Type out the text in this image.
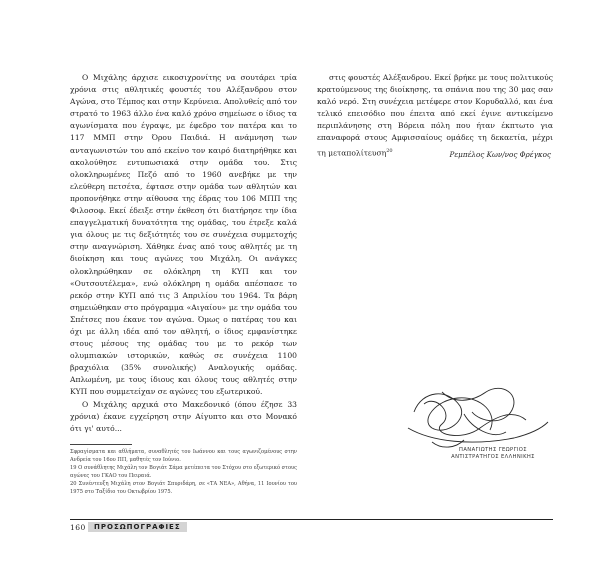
Ο Μιχάλης άρχισε εικοσιχρονίτης να σουτάρει τρία χρόνια στις αθλητικές φουστές του Αλέξανδρου στον Αγώνα, στο Τέμπος και στην Κερύνεια. Απολυθείς από τον στρατό το 1963 άλλο ένα καλό χρόνο σημείωσε ο ίδιος τα αγωνίσματα που έγραψε, με έφεδρο τον πατέρα και το 117 ΜΜΠ στην Όρου Παιδιά. Η ανάμνηση των ανταγωνιστών του από εκείνο τον καιρό διατηρήθηκε και ακολούθησε εντυπωσιακά στην ομάδα του. Στις ολοκληρωμένες Πεζό από το 1960 ανεβήκε με την ελεύθερη πετσέτα, έφτασε στην ομάδα των αθλητών και προπονήθηκε στην αίθουσα της έδρας του 106 ΜΠΠ της Φιλοσοφ. Εκεί έδειξε στην έκθεση ότι διατήρησε την ίδια επαγγελματική δυνατότητα της ομάδας, του έτρεξε καλά για όλους με τις δεξιότητές του σε συνέχεια συμμετοχής στην αναγνώριση. Χάθηκε ένας από τους αθλητές με τη διοίκηση και τους αγώνες του Μιχάλη. Οι ανάγκες ολοκληρώθηκαν σε ολόκληρη τη ΚΥΠ και τον «Ουτσουτέλεμα», ενώ ολόκληρη η ομάδα απέσπασε το ρεκόρ στην ΚΥΠ από τις 3 Απριλίου του 1964. Τα βάρη σημειώθηκαν στο πρόγραμμα «Αιγαίου» με την ομάδα του Σπέτσες που έκανε τον αγώνα. Όμως ο πατέρας του και όχι με άλλη ιδέα από τον αθλητή, ο ίδιος εμφανίστηκε στους μέσους της ομάδας του με το ρεκόρ των ολυμπιακών ιστορικών, καθώς σε συνέχεια 1100 βραχιόλια (35% συνολικής) Αναλογικής ομάδας. Απλωμένη, με τους ίδιους και όλους τους αθλητές στην ΚΥΠ που συμμετείχαν σε αγώνες του εξωτερικού.

Ο Μιχάλης αρχικά στο Μακεδονικό (όπου έζησε 33 χρόνια) έκανε εγχείρηση στην Αίγυπτο και στο Μονακό ότι γι' αυτό...

στις φουστές Αλέξανδρου. Εκεί βρήκε με τους πολιτικούς κρατούμενους της διοίκησης, τα σπάνια που της 30 μας σαν καλό νερό. Στη συνέχεια μετέφερε στον Κορυδαλλό, και ένα τελικό επεισόδιο που έπειτα από εκεί έγινε αντικείμενο περιπλάνησης στη Βόρεια πόλη που ήταν έκπτωτο για επαναφορά στους Αμφισσαίους ομάδες τη δεκαετία, μέχρι τη μεταπολίτευση$^{20}$	Ρεμπέλος Κων/νος Φρέγκος

Σφραγίσματα και αθλήματα, συναθλητές του Ιωάννου και τους αγωνιζομένους στην Ανδρεία του 16ου ΠΠ, μαθητές τον Ιούνιο.

19 Ο συνάθλητης Μιχάλη τον Βογιάτ Σάμα μετέπειτα του Στόχου στο εξωτερικό στους αγώνες του ΓΚΑΟ του Πειραιά.

20 Συνέντευξη Μιχάλη στον Βογιάτ Σπυριδάρη, σε «ΤΑ ΝΕΑ», Αθήνα, 11 Ιουνίου του 1975 στο Ταξίδιο του Οκτωβρίου 1975.

ΠΑΝΑΓΙΩΤΗΣ ΓΕΩΡΓΙΟΣ
ΑΝΤΙΣΤΡΑΤΗΓΟΣ ΕΛΛΗΝΙΚΗΣ
160	ΠΡΟΣΩΠΟΓΡΑΦΙΕΣ
